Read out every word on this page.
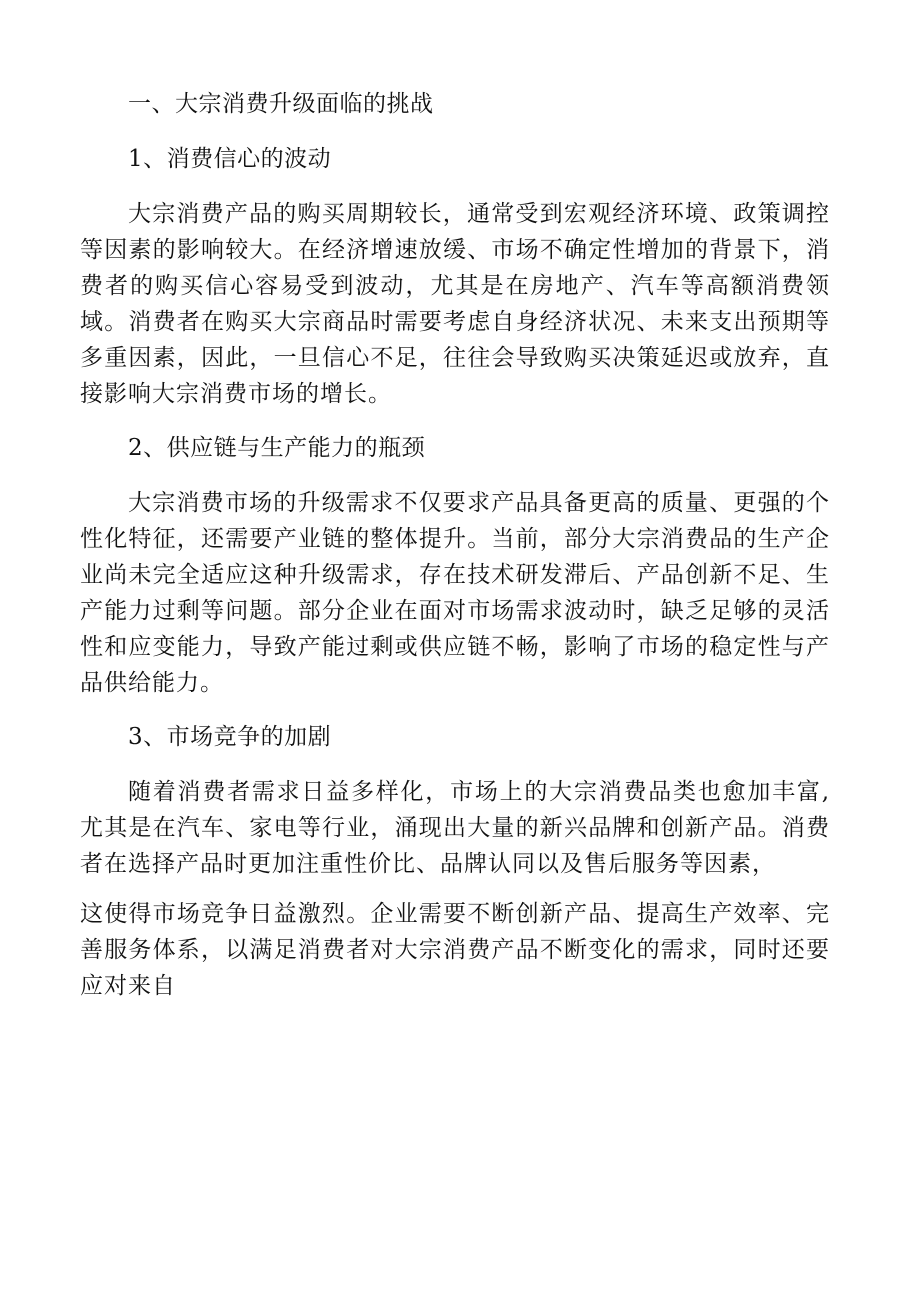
一、大宗消费升级面临的挑战
1、消费信心的波动
大宗消费产品的购买周期较长，通常受到宏观经济环境、政策调控等因素的影响较大。在经济增速放缓、市场不确定性增加的背景下，消费者的购买信心容易受到波动，尤其是在房地产、汽车等高额消费领域。消费者在购买大宗商品时需要考虑自身经济状况、未来支出预期等多重因素，因此，一旦信心不足，往往会导致购买决策延迟或放弃，直接影响大宗消费市场的增长。
2、供应链与生产能力的瓶颈
大宗消费市场的升级需求不仅要求产品具备更高的质量、更强的个性化特征，还需要产业链的整体提升。当前，部分大宗消费品的生产企业尚未完全适应这种升级需求，存在技术研发滞后、产品创新不足、生产能力过剩等问题。部分企业在面对市场需求波动时，缺乏足够的灵活性和应变能力，导致产能过剩或供应链不畅，影响了市场的稳定性与产品供给能力。
3、市场竞争的加剧
随着消费者需求日益多样化，市场上的大宗消费品类也愈加丰富,尤其是在汽车、家电等行业，涌现出大量的新兴品牌和创新产品。消费者在选择产品时更加注重性价比、品牌认同以及售后服务等因素，
这使得市场竞争日益激烈。企业需要不断创新产品、提高生产效率、完善服务体系，以满足消费者对大宗消费产品不断变化的需求，同时还要应对来自
